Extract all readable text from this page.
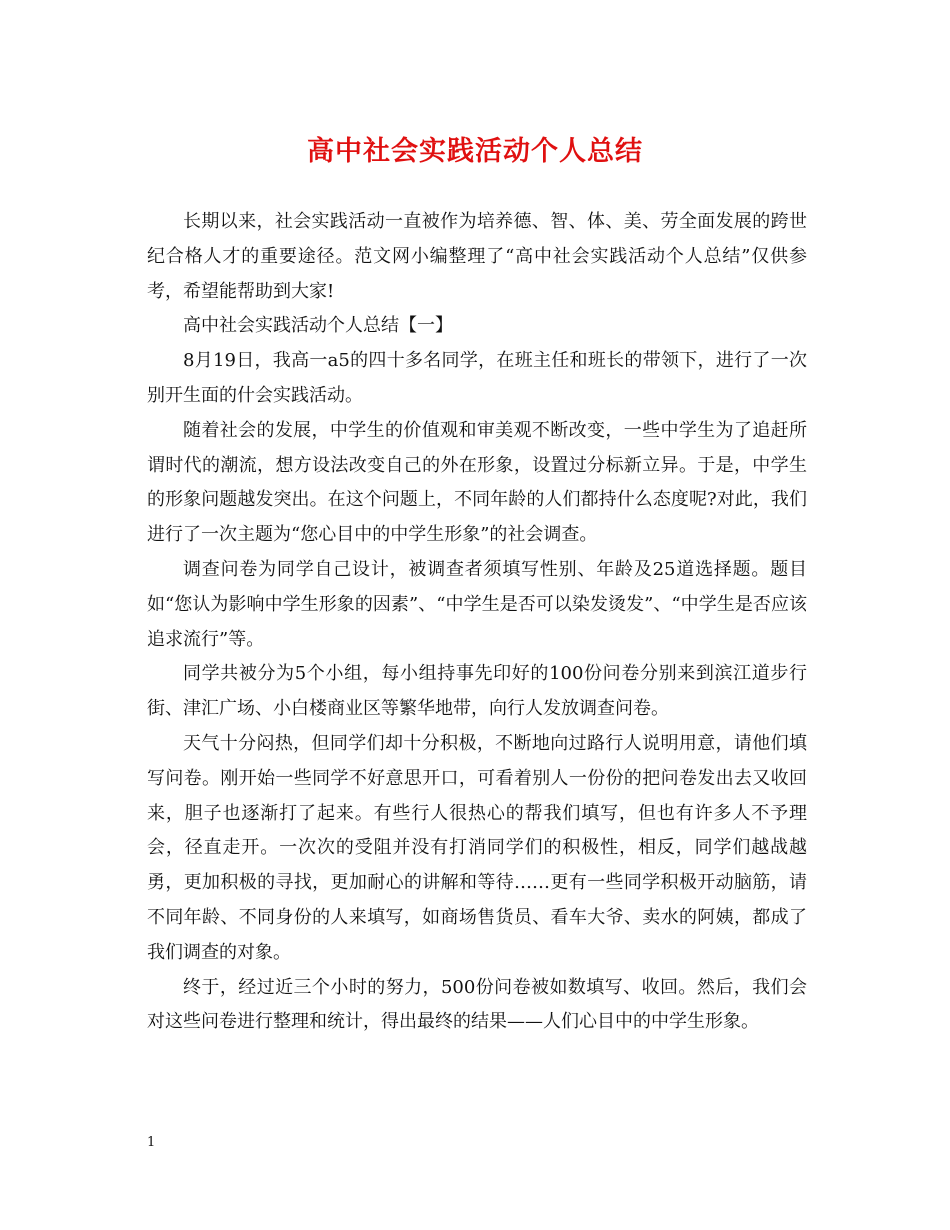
高中社会实践活动个人总结

长期以来，社会实践活动一直被作为培养德、智、体、美、劳全面发展的跨世纪合格人才的重要途径。范文网小编整理了“高中社会实践活动个人总结”仅供参考，希望能帮助到大家!

高中社会实践活动个人总结【一】

8月19日，我高一a5的四十多名同学，在班主任和班长的带领下，进行了一次别开生面的什会实践活动。

随着社会的发展，中学生的价值观和审美观不断改变，一些中学生为了追赶所谓时代的潮流，想方设法改变自己的外在形象，设置过分标新立异。于是，中学生的形象问题越发突出。在这个问题上，不同年龄的人们都持什么态度呢?对此，我们进行了一次主题为“您心目中的中学生形象”的社会调查。

调查问卷为同学自己设计，被调查者须填写性别、年龄及25道选择题。题目如“您认为影响中学生形象的因素”、“中学生是否可以染发烫发”、“中学生是否应该追求流行”等。

同学共被分为5个小组，每小组持事先印好的100份问卷分别来到滨江道步行街、津汇广场、小白楼商业区等繁华地带，向行人发放调查问卷。

天气十分闷热，但同学们却十分积极，不断地向过路行人说明用意，请他们填写问卷。刚开始一些同学不好意思开口，可看着别人一份份的把问卷发出去又收回来，胆子也逐渐打了起来。有些行人很热心的帮我们填写，但也有许多人不予理会，径直走开。一次次的受阻并没有打消同学们的积极性，相反，同学们越战越勇，更加积极的寻找，更加耐心的讲解和等待……更有一些同学积极开动脑筋，请不同年龄、不同身份的人来填写，如商场售货员、看车大爷、卖水的阿姨，都成了我们调查的对象。

终于，经过近三个小时的努力，500份问卷被如数填写、收回。然后，我们会对这些问卷进行整理和统计，得出最终的结果——人们心目中的中学生形象。

1
